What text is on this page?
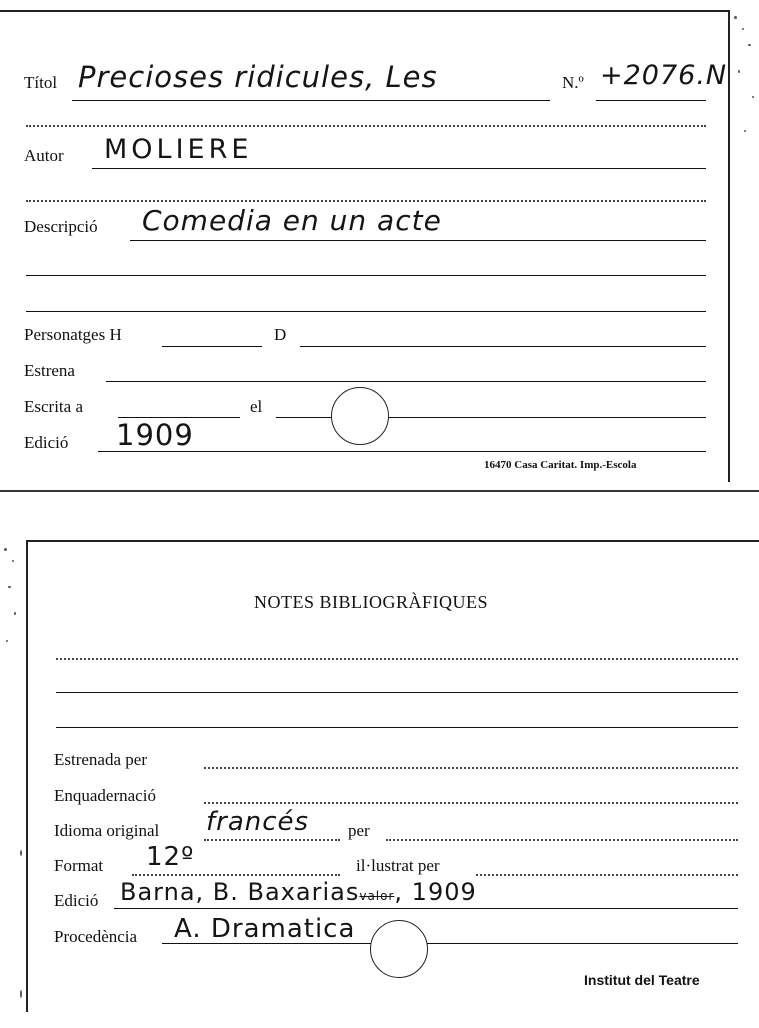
Títol Precioses ridicules, Les	N.º +2076.N
Autor MOLIERE
Descripció Comedia en un acte
Personatges H	D
Estrena
Escrita a	el
Edició 1909
16470 Casa Caritat. Imp.-Escola
NOTES BIBLIOGRÀFIQUES
Estrenada per
Enquadernació
Idioma original francés per
Format 12º	il·lustrat per
Edició Barna, B. Baxariasvalor, 1909
Procedència A. Dramatica
Institut del Teatre
